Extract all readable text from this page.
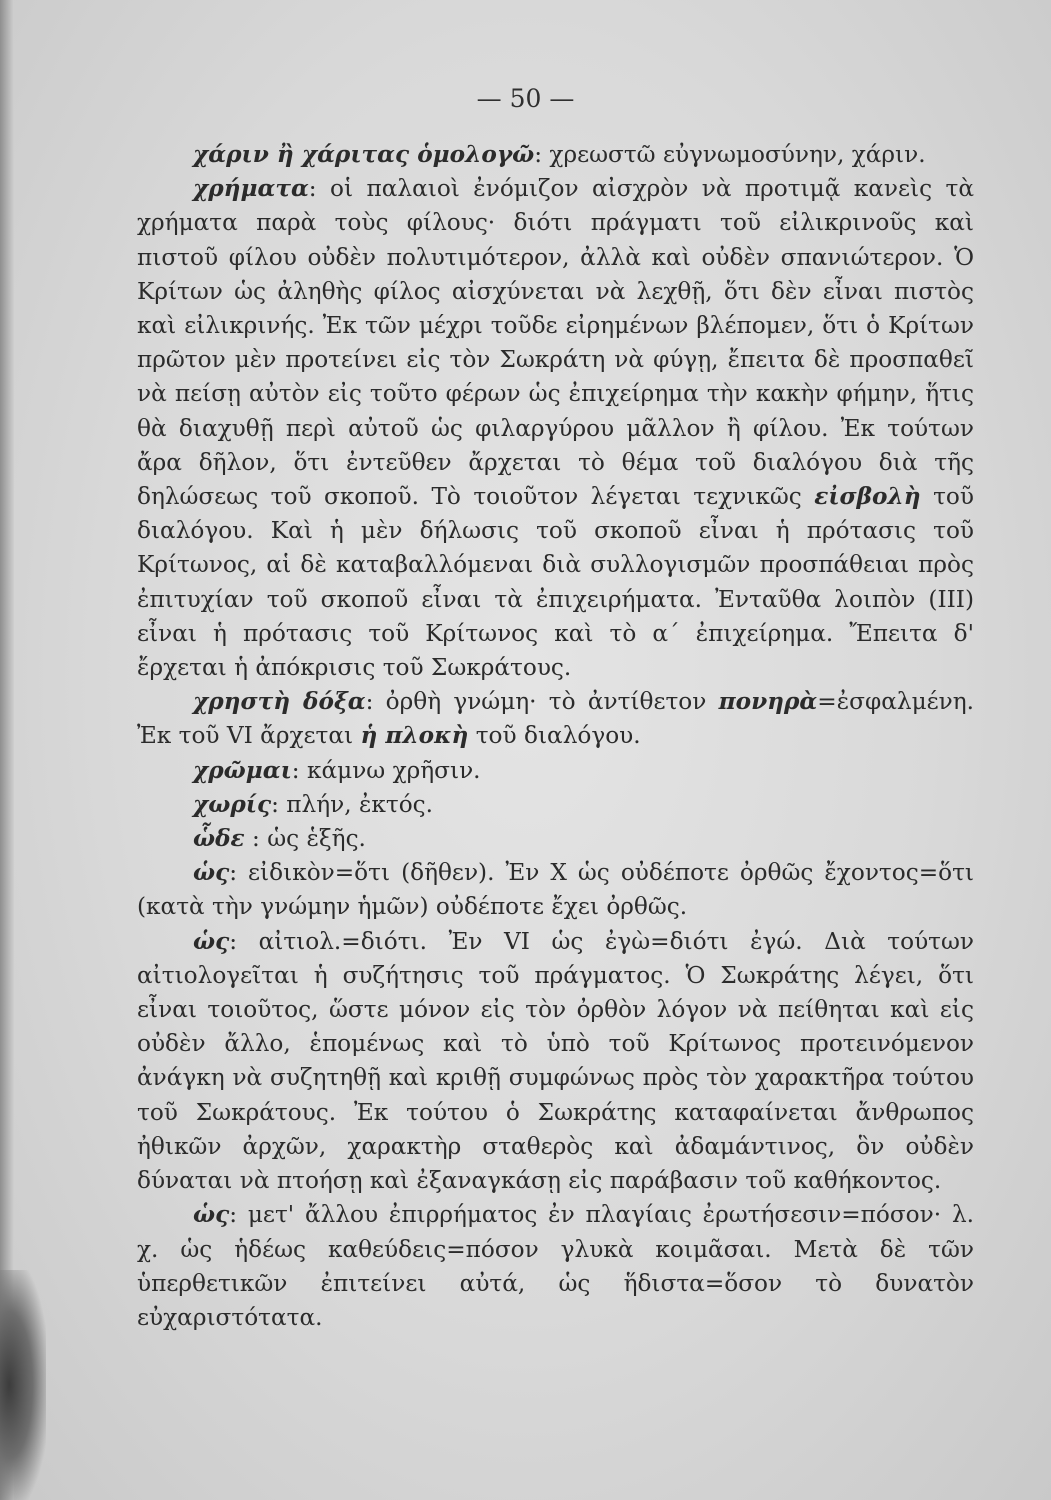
— 50 —

χάριν ἢ χάριτας ὁμολογῶ: χρεωστῶ εὐγνωμοσύνην, χάριν.

χρήματα: οἱ παλαιοὶ ἐνόμιζον αἰσχρὸν νὰ προτιμᾷ κανεὶς τὰ χρήματα παρὰ τοὺς φίλους· διότι πράγματι τοῦ εἰλικρινοῦς καὶ πιστοῦ φίλου οὐδὲν πολυτιμότερον, ἀλλὰ καὶ οὐδὲν σπανιώτερον. Ὁ Κρίτων ὡς ἀληθὴς φίλος αἰσχύνεται νὰ λεχθῇ, ὅτι δὲν εἶναι πιστὸς καὶ εἰλικρινής. Ἐκ τῶν μέχρι τοῦδε εἰρημένων βλέπομεν, ὅτι ὁ Κρίτων πρῶτον μὲν προτείνει εἰς τὸν Σωκράτη νὰ φύγῃ, ἔπειτα δὲ προσπαθεῖ νὰ πείσῃ αὐτὸν εἰς τοῦτο φέρων ὡς ἐπιχείρημα τὴν κακὴν φήμην, ἥτις θὰ διαχυθῇ περὶ αὐτοῦ ὡς φιλαργύρου μᾶλλον ἢ φίλου. Ἐκ τούτων ἄρα δῆλον, ὅτι ἐντεῦθεν ἄρχεται τὸ θέμα τοῦ διαλόγου διὰ τῆς δηλώσεως τοῦ σκοποῦ. Τὸ τοιοῦτον λέγεται τεχνικῶς εἰσβολὴ τοῦ διαλόγου. Καὶ ἡ μὲν δήλωσις τοῦ σκοποῦ εἶναι ἡ πρότασις τοῦ Κρίτωνος, αἱ δὲ καταβαλλόμεναι διὰ συλλογισμῶν προσπάθειαι πρὸς ἐπιτυχίαν τοῦ σκοποῦ εἶναι τὰ ἐπιχειρήματα. Ἐνταῦθα λοιπὸν (III) εἶναι ἡ πρότασις τοῦ Κρίτωνος καὶ τὸ α΄ ἐπιχείρημα. Ἔπειτα δ' ἔρχεται ἡ ἀπόκρισις τοῦ Σωκράτους.

χρηστὴ δόξα: ὀρθὴ γνώμη· τὸ ἀντίθετον πονηρὰ=ἐσφαλμένη. Ἐκ τοῦ VI ἄρχεται ἡ πλοκὴ τοῦ διαλόγου.

χρῶμαι: κάμνω χρῆσιν.

χωρίς: πλήν, ἐκτός.

ὧδε : ὡς ἑξῆς.

ὡς: εἰδικὸν=ὅτι (δῆθεν). Ἐν X ὡς οὐδέποτε ὀρθῶς ἔχοντος=ὅτι (κατὰ τὴν γνώμην ἡμῶν) οὐδέποτε ἔχει ὀρθῶς.

ὡς: αἰτιολ.=διότι. Ἐν VI ὡς ἐγὼ=διότι ἐγώ. Διὰ τούτων αἰτιολογεῖται ἡ συζήτησις τοῦ πράγματος. Ὁ Σωκράτης λέγει, ὅτι εἶναι τοιοῦτος, ὥστε μόνον εἰς τὸν ὀρθὸν λόγον νὰ πείθηται καὶ εἰς οὐδὲν ἄλλο, ἑπομένως καὶ τὸ ὑπὸ τοῦ Κρίτωνος προτεινόμενον ἀνάγκη νὰ συζητηθῇ καὶ κριθῇ συμφώνως πρὸς τὸν χαρακτῆρα τούτου τοῦ Σωκράτους. Ἐκ τούτου ὁ Σωκράτης καταφαίνεται ἄνθρωπος ἠθικῶν ἀρχῶν, χαρακτὴρ σταθερὸς καὶ ἀδαμάντινος, ὃν οὐδὲν δύναται νὰ πτοήσῃ καὶ ἐξαναγκάσῃ εἰς παράβασιν τοῦ καθήκοντος.

ὡς: μετ' ἄλλου ἐπιρρήματος ἐν πλαγίαις ἐρωτήσεσιν=πόσον· λ. χ. ὡς ἡδέως καθεύδεις=πόσον γλυκὰ κοιμᾶσαι. Μετὰ δὲ τῶν ὑπερθετικῶν ἐπιτείνει αὐτά, ὡς ἥδιστα=ὅσον τὸ δυνατὸν εὐχαριστότατα.
